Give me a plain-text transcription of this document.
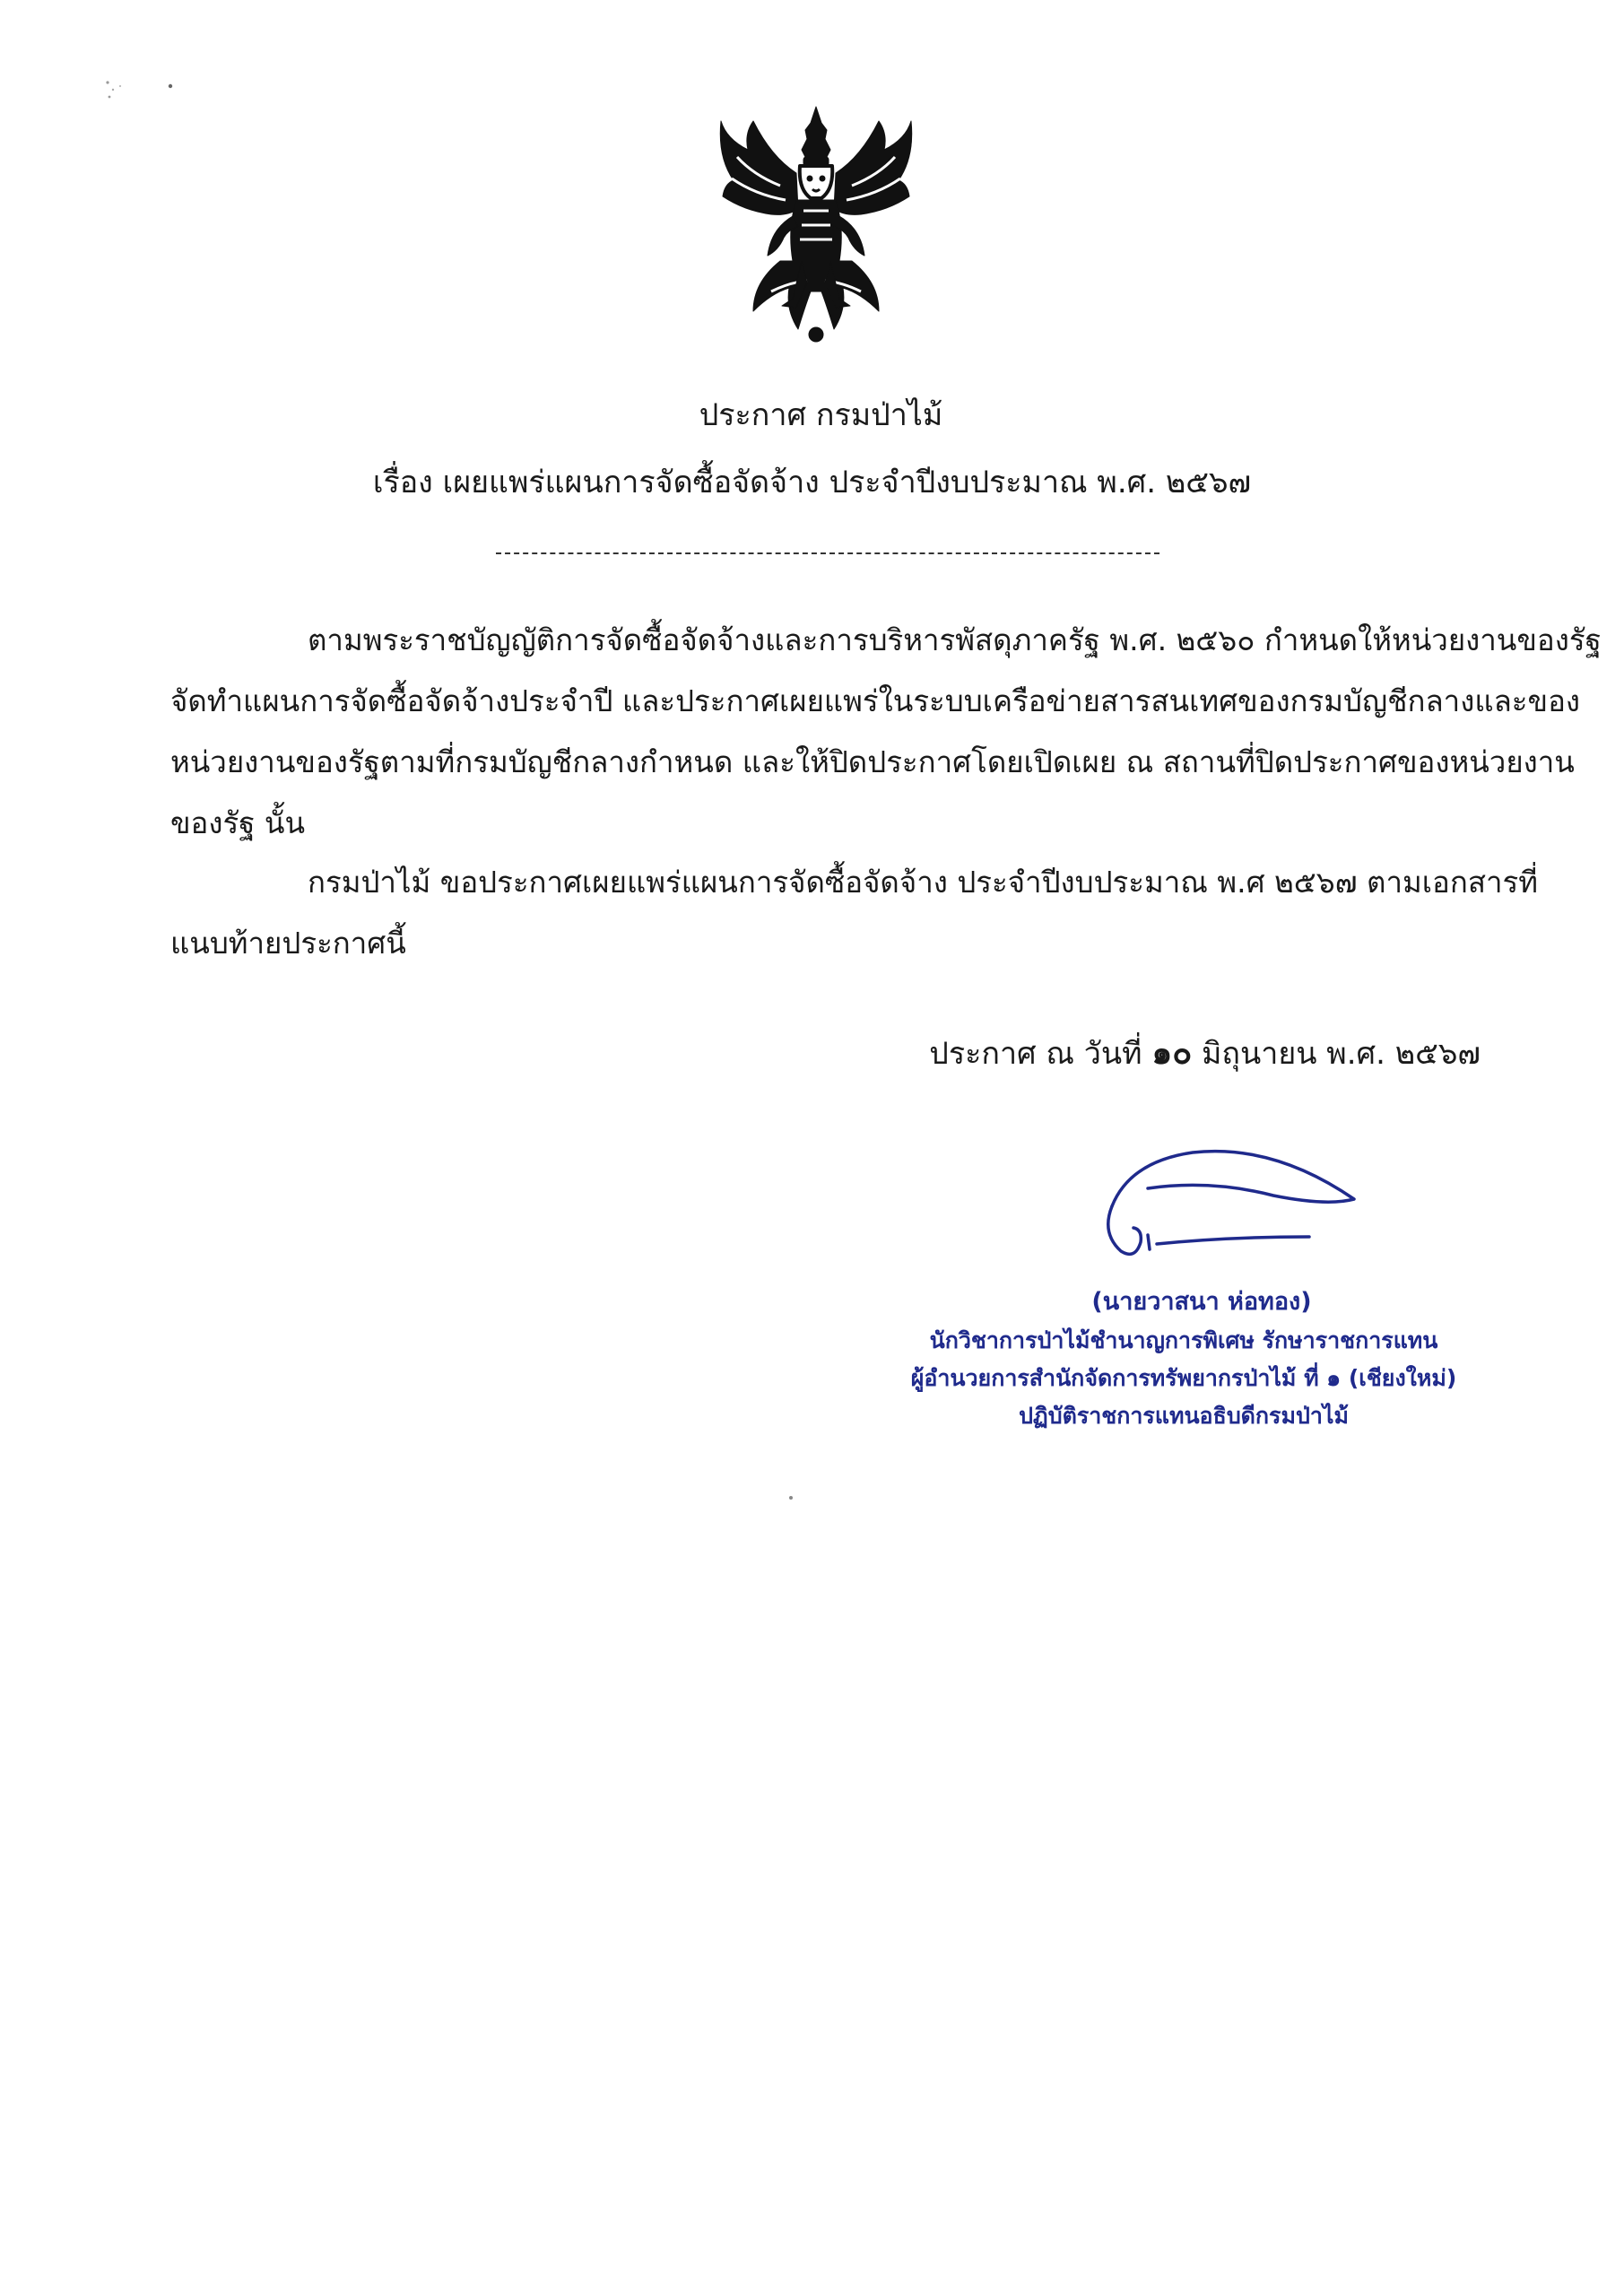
ประกาศ กรมป่าไม้
เรื่อง เผยแพร่แผนการจัดซื้อจัดจ้าง ประจำปีงบประมาณ พ.ศ. ๒๕๖๗
ตามพระราชบัญญัติการจัดซื้อจัดจ้างและการบริหารพัสดุภาครัฐ พ.ศ. ๒๕๖๐ กำหนดให้หน่วยงานของรัฐ
จัดทำแผนการจัดซื้อจัดจ้างประจำปี และประกาศเผยแพร่ในระบบเครือข่ายสารสนเทศของกรมบัญชีกลางและของ
หน่วยงานของรัฐตามที่กรมบัญชีกลางกำหนด และให้ปิดประกาศโดยเปิดเผย ณ สถานที่ปิดประกาศของหน่วยงาน
ของรัฐ นั้น
กรมป่าไม้ ขอประกาศเผยแพร่แผนการจัดซื้อจัดจ้าง ประจำปีงบประมาณ พ.ศ ๒๕๖๗ ตามเอกสารที่
แนบท้ายประกาศนี้
ประกาศ ณ วันที่ ๑๐ มิถุนายน พ.ศ. ๒๕๖๗
(นายวาสนา ห่อทอง)
นักวิชาการป่าไม้ชำนาญการพิเศษ รักษาราชการแทน
ผู้อำนวยการสำนักจัดการทรัพยากรป่าไม้ ที่ ๑ (เชียงใหม่)
ปฏิบัติราชการแทนอธิบดีกรมป่าไม้
